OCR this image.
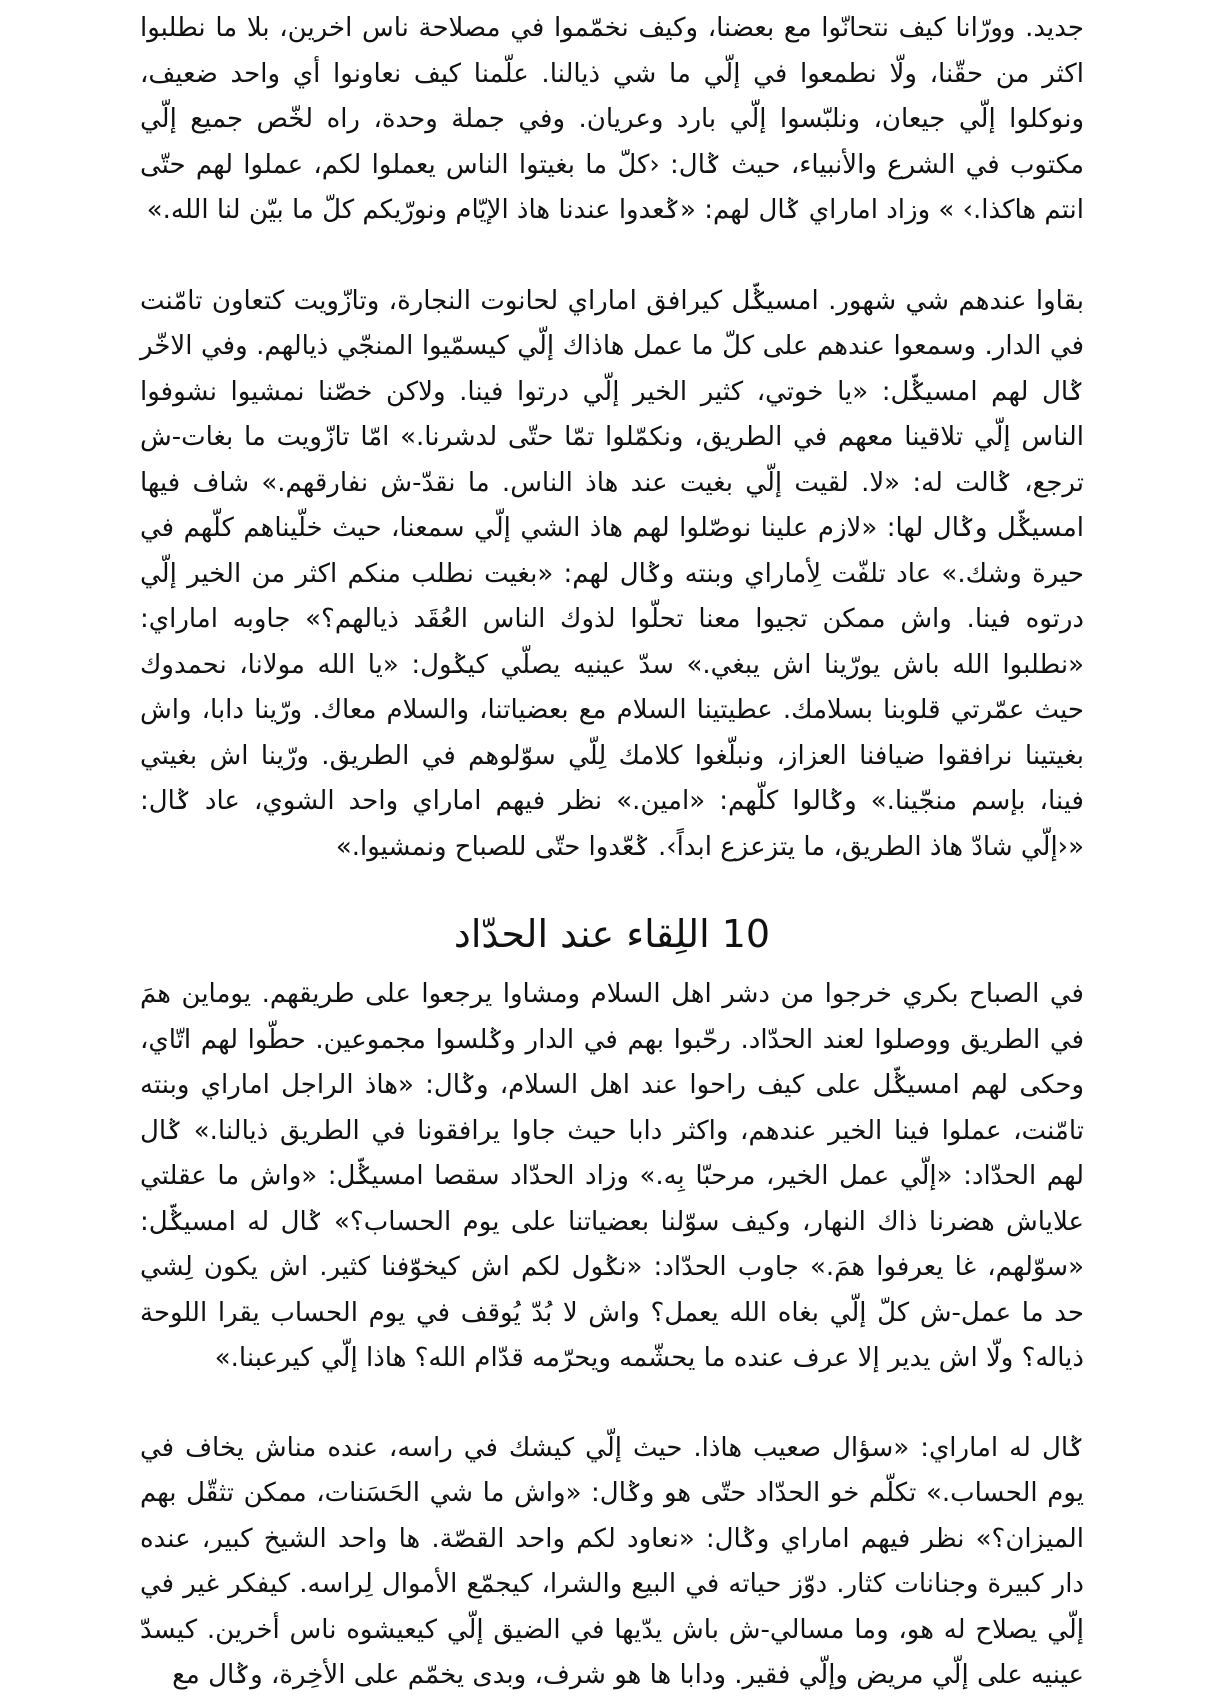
جديد. وورّانا كيف نتحانّوا مع بعضنا، وكيف نخمّموا في مصلاحة ناس اخرين، بلا ما نطلبوا اكثر من حقّنا، ولّا نطمعوا في إلّي ما شي ذيالنا. علّمنا كيف نعاونوا أي واحد ضعيف، ونوكلوا إلّي جيعان، ونلبّسوا إلّي بارد وعريان. وفي جملة وحدة، راه لخّص جميع إلّي مكتوب في الشرع والأنبياء، حيث ݣال: ‹كلّ ما بغيتوا الناس يعملوا لكم، عملوا لهم حتّى انتم هاكذا.› » وزاد اماراي ݣال لهم: «ݣعدوا عندنا هاذ الإيّام ونورّيكم كلّ ما بيّن لنا الله.»

بقاوا عندهم شي شهور. امسيݣّل كيرافق اماراي لحانوت النجارة، وتازّويت كتعاون تامّنت في الدار. وسمعوا عندهم على كلّ ما عمل هاذاك إلّي كيسمّيوا المنجّي ذيالهم. وفي الاخّر ݣال لهم امسيݣّل: «يا خوتي، كثير الخير إلّي درتوا فينا. ولاكن خصّنا نمشيوا نشوفوا الناس إلّي تلاقينا معهم في الطريق، ونكمّلوا تمّا حتّى لدشرنا.» امّا تازّويت ما بغات-ش ترجع، ݣالت له: «لا. لقيت إلّي بغيت عند هاذ الناس. ما نقدّ-ش نفارقهم.» شاف فيها امسيݣّل وݣال لها: «لازم علينا نوصّلوا لهم هاذ الشي إلّي سمعنا، حيث خلّيناهم كلّهم في حيرة وشك.» عاد تلفّت لِأماراي وبنته وݣال لهم: «بغيت نطلب منكم اكثر من الخير إلّي درتوه فينا. واش ممكن تجيوا معنا تحلّوا لذوك الناس العُقَد ذيالهم؟» جاوبه اماراي: «نطلبوا الله باش يورّينا اش يبغي.» سدّ عينيه يصلّي كيݣول: «يا الله مولانا، نحمدوك حيث عمّرتي قلوبنا بسلامك. عطيتينا السلام مع بعضياتنا، والسلام معاك. ورّينا دابا، واش بغيتينا نرافقوا ضيافنا العزاز، ونبلّغوا كلامك لِلّي سوّلوهم في الطريق. ورّينا اش بغيتي فينا، بإسم منجّينا.» وݣالوا كلّهم: «امين.» نظر فيهم اماراي واحد الشوي، عاد ݣال: «‹إلّي شادّ هاذ الطريق، ما يتزعزع ابداً›. ݣعّدوا حتّى للصباح ونمشيوا.»

10 اللِقاء عند الحدّاد

في الصباح بكري خرجوا من دشر اهل السلام ومشاوا يرجعوا على طريقهم. يوماين همَ في الطريق ووصلوا لعند الحدّاد. رحّبوا بهم في الدار وݣلسوا مجموعين. حطّوا لهم اتّاي، وحكى لهم امسيݣّل على كيف راحوا عند اهل السلام، وݣال: «هاذ الراجل اماراي وبنته تامّنت، عملوا فينا الخير عندهم، واكثر دابا حيث جاوا يرافقونا في الطريق ذيالنا.» ݣال لهم الحدّاد: «إلّي عمل الخير، مرحبّا بِه.» وزاد الحدّاد سقصا امسيݣّل: «واش ما عقلتي علاياش هضرنا ذاك النهار، وكيف سوّلنا بعضياتنا على يوم الحساب؟» ݣال له امسيݣّل: «سوّلهم، غا يعرفوا همَ.» جاوب الحدّاد: «نݣول لكم اش كيخوّفنا كثير. اش يكون لِشي حد ما عمل-ش كلّ إلّي بغاه الله يعمل؟ واش لا بُدّ يُوقف في يوم الحساب يقرا اللوحة ذياله؟ ولّا اش يدير إلا عرف عنده ما يحشّمه ويحرّمه قدّام الله؟ هاذا إلّي كيرعبنا.»

ݣال له اماراي: «سؤال صعيب هاذا. حيث إلّي كيشك في راسه، عنده مناش يخاف في يوم الحساب.» تكلّم خو الحدّاد حتّى هو وݣال: «واش ما شي الحَسَنات، ممكن تثقّل بهم الميزان؟» نظر فيهم اماراي وݣال: «نعاود لكم واحد القصّة. ها واحد الشيخ كبير، عنده دار كبيرة وجنانات كثار. دوّز حياته في البيع والشرا، كيجمّع الأموال لِراسه. كيفكر غير في إلّي يصلاح له هو، وما مسالي-ش باش يدّيها في الضيق إلّي كيعيشوه ناس أخرين. كيسدّ عينيه على إلّي مريض وإلّي فقير. ودابا ها هو شرف، وبدى يخمّم على الأخِرة، وݣال مع
